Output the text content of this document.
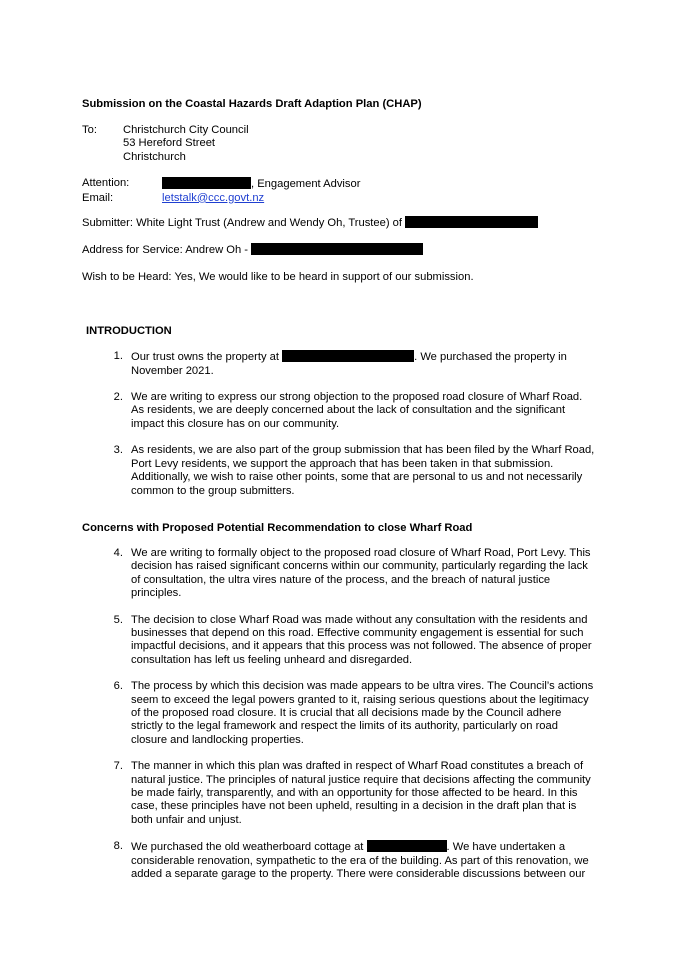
Submission on the Coastal Hazards Draft Adaption Plan (CHAP)

To:	Christchurch City Council
53 Hereford Street
Christchurch
Attention:	, Engagement Advisor
Email:	letstalk@ccc.govt.nz

Submitter: White Light Trust (Andrew and Wendy Oh, Trustee) of

Address for Service: Andrew Oh -

Wish to be Heard: Yes, We would like to be heard in support of our submission.

INTRODUCTION

1. Our trust owns the property at	. We purchased the property in
November 2021.
2. We are writing to express our strong objection to the proposed road closure of Wharf Road.
As residents, we are deeply concerned about the lack of consultation and the significant
impact this closure has on our community.
3. As residents, we are also part of the group submission that has been filed by the Wharf Road,
Port Levy residents, we support the approach that has been taken in that submission.
Additionally, we wish to raise other points, some that are personal to us and not necessarily
common to the group submitters.

Concerns with Proposed Potential Recommendation to close Wharf Road

4. We are writing to formally object to the proposed road closure of Wharf Road, Port Levy. This
decision has raised significant concerns within our community, particularly regarding the lack
of consultation, the ultra vires nature of the process, and the breach of natural justice
principles.
5. The decision to close Wharf Road was made without any consultation with the residents and
businesses that depend on this road. Effective community engagement is essential for such
impactful decisions, and it appears that this process was not followed. The absence of proper
consultation has left us feeling unheard and disregarded.
6. The process by which this decision was made appears to be ultra vires. The Council’s actions
seem to exceed the legal powers granted to it, raising serious questions about the legitimacy
of the proposed road closure. It is crucial that all decisions made by the Council adhere
strictly to the legal framework and respect the limits of its authority, particularly on road
closure and landlocking properties.
7. The manner in which this plan was drafted in respect of Wharf Road constitutes a breach of
natural justice. The principles of natural justice require that decisions affecting the community
be made fairly, transparently, and with an opportunity for those affected to be heard. In this
case, these principles have not been upheld, resulting in a decision in the draft plan that is
both unfair and unjust.
8. We purchased the old weatherboard cottage at	. We have undertaken a
considerable renovation, sympathetic to the era of the building. As part of this renovation, we
added a separate garage to the property. There were considerable discussions between our
